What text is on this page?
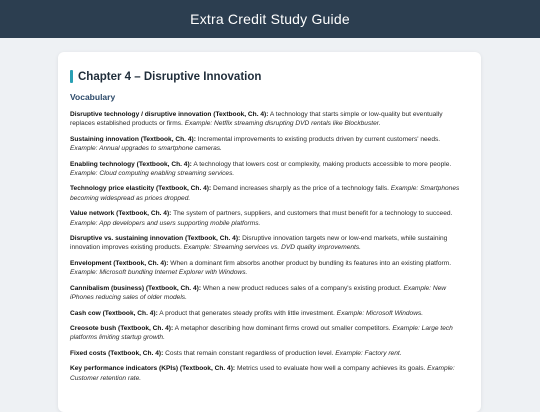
Extra Credit Study Guide
Chapter 4 – Disruptive Innovation
Vocabulary

Disruptive technology / disruptive innovation (Textbook, Ch. 4): A technology that starts simple or low-quality but eventually replaces established products or firms. Example: Netflix streaming disrupting DVD rentals like Blockbuster.

Sustaining innovation (Textbook, Ch. 4): Incremental improvements to existing products driven by current customers' needs. Example: Annual upgrades to smartphone cameras.

Enabling technology (Textbook, Ch. 4): A technology that lowers cost or complexity, making products accessible to more people. Example: Cloud computing enabling streaming services.

Technology price elasticity (Textbook, Ch. 4): Demand increases sharply as the price of a technology falls. Example: Smartphones becoming widespread as prices dropped.

Value network (Textbook, Ch. 4): The system of partners, suppliers, and customers that must benefit for a technology to succeed. Example: App developers and users supporting mobile platforms.

Disruptive vs. sustaining innovation (Textbook, Ch. 4): Disruptive innovation targets new or low-end markets, while sustaining innovation improves existing products. Example: Streaming services vs. DVD quality improvements.

Envelopment (Textbook, Ch. 4): When a dominant firm absorbs another product by bundling its features into an existing platform. Example: Microsoft bundling Internet Explorer with Windows.

Cannibalism (business) (Textbook, Ch. 4): When a new product reduces sales of a company's existing product. Example: New iPhones reducing sales of older models.

Cash cow (Textbook, Ch. 4): A product that generates steady profits with little investment. Example: Microsoft Windows.

Creosote bush (Textbook, Ch. 4): A metaphor describing how dominant firms crowd out smaller competitors. Example: Large tech platforms limiting startup growth.

Fixed costs (Textbook, Ch. 4): Costs that remain constant regardless of production level. Example: Factory rent.

Key performance indicators (KPIs) (Textbook, Ch. 4): Metrics used to evaluate how well a company achieves its goals. Example: Customer retention rate.
